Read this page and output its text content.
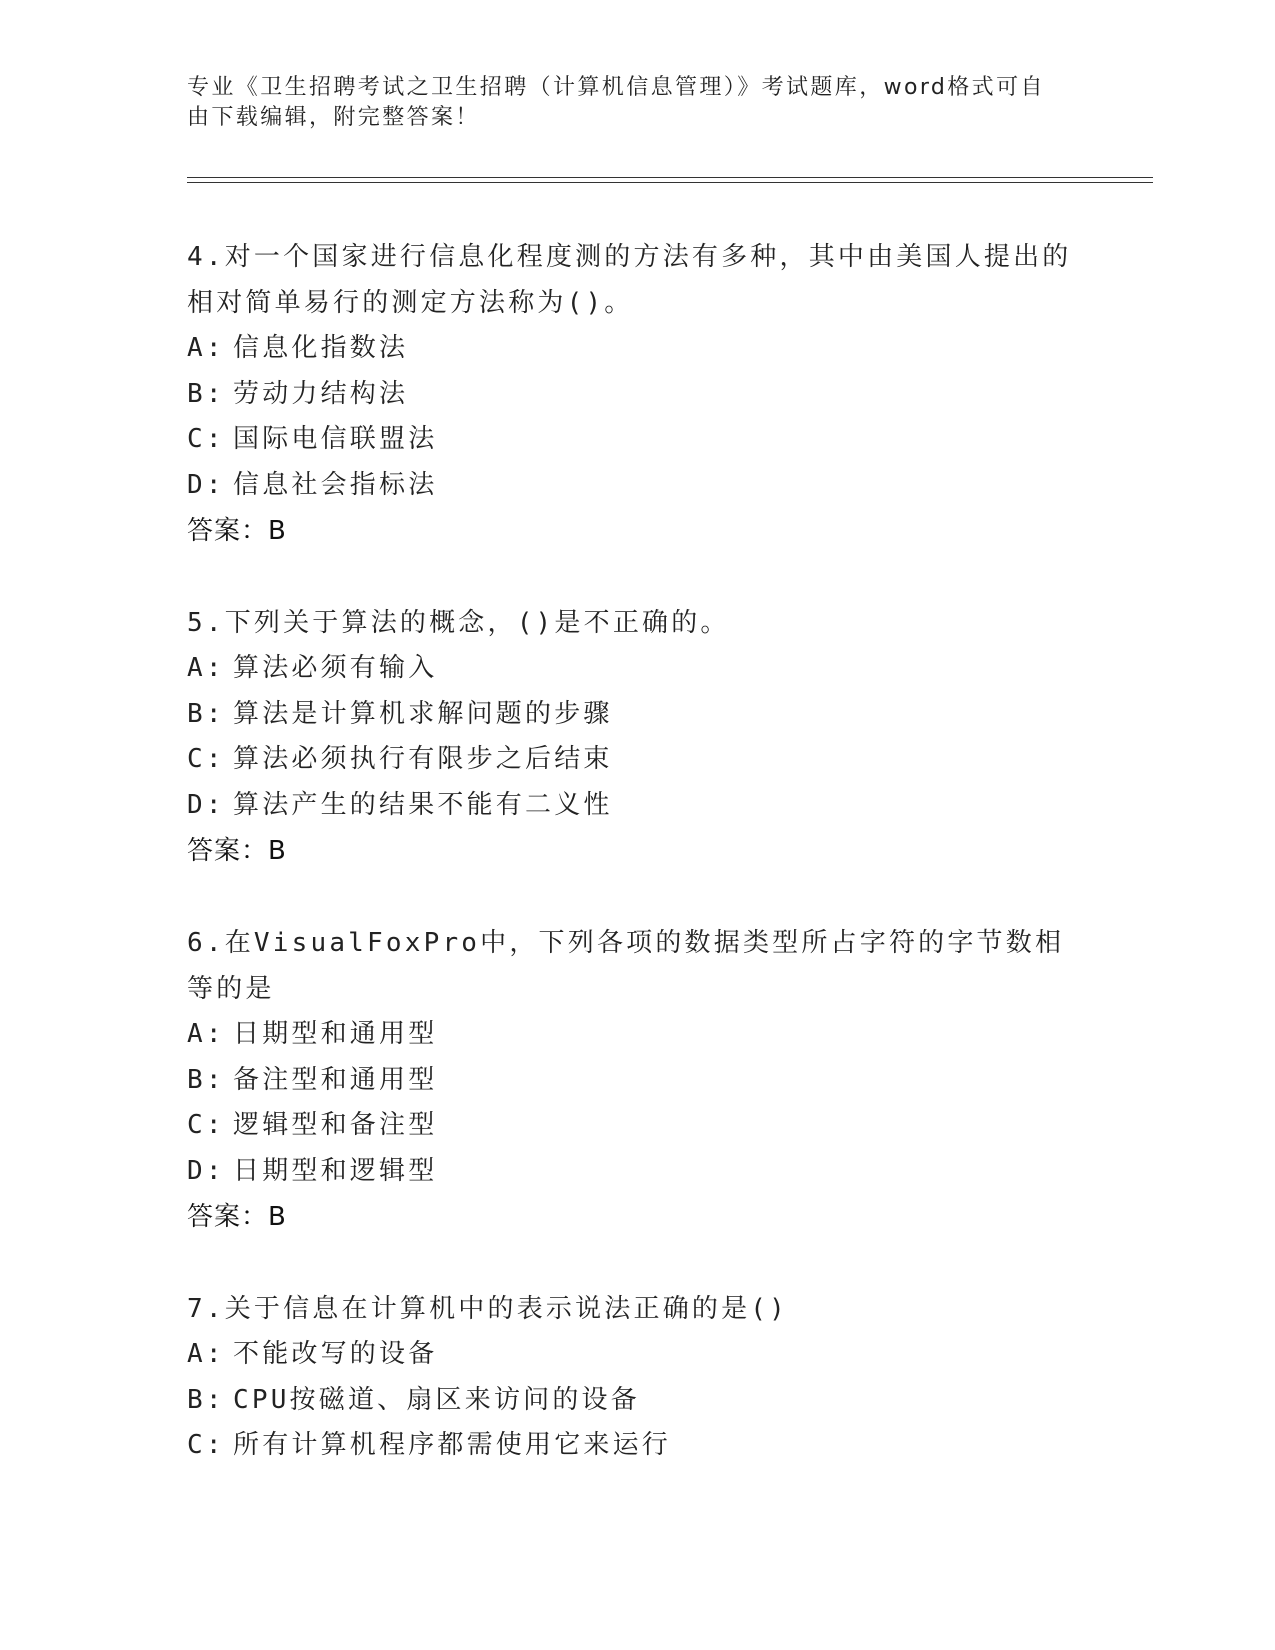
专业《卫生招聘考试之卫生招聘（计算机信息管理）》考试题库，word格式可自由下载编辑，附完整答案！
4.对一个国家进行信息化程度测的方法有多种，其中由美国人提出的相对简单易行的测定方法称为()。
A: 信息化指数法
B: 劳动力结构法
C: 国际电信联盟法
D: 信息社会指标法
答案：B
5.下列关于算法的概念，()是不正确的。
A: 算法必须有输入
B: 算法是计算机求解问题的步骤
C: 算法必须执行有限步之后结束
D: 算法产生的结果不能有二义性
答案：B
6.在VisualFoxPro中，下列各项的数据类型所占字符的字节数相等的是
A: 日期型和通用型
B: 备注型和通用型
C: 逻辑型和备注型
D: 日期型和逻辑型
答案：B
7.关于信息在计算机中的表示说法正确的是()
A: 不能改写的设备
B: CPU按磁道、扇区来访问的设备
C: 所有计算机程序都需使用它来运行
